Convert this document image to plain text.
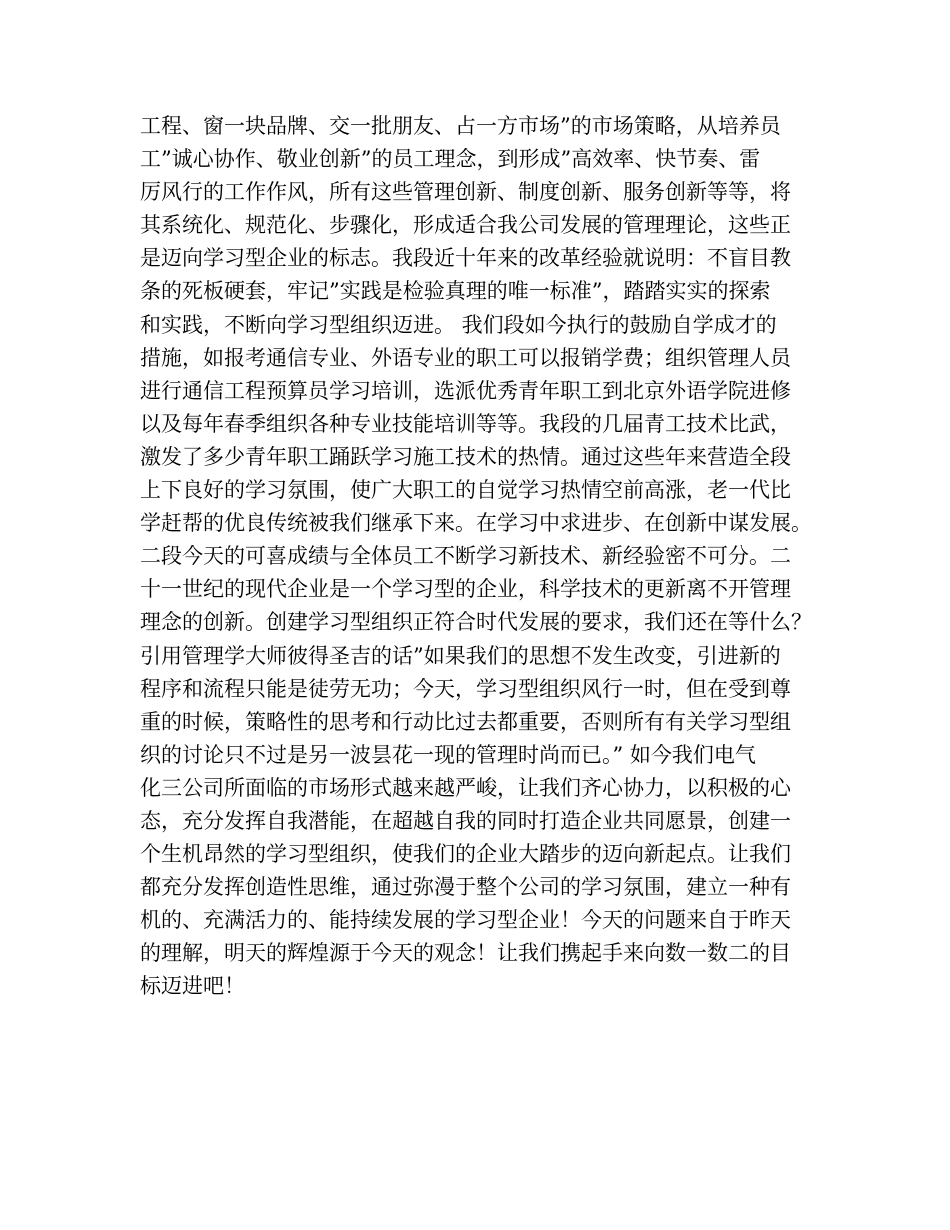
工程、窗一块品牌、交一批朋友、占一方市场”的市场策略，从培养员
工”诚心协作、敬业创新”的员工理念，到形成”高效率、快节奏、雷
厉风行的工作作风，所有这些管理创新、制度创新、服务创新等等，将
其系统化、规范化、步骤化，形成适合我公司发展的管理理论，这些正
是迈向学习型企业的标志。我段近十年来的改革经验就说明：不盲目教
条的死板硬套，牢记”实践是检验真理的唯一标准”，踏踏实实的探索
和实践，不断向学习型组织迈进。 我们段如今执行的鼓励自学成才的
措施，如报考通信专业、外语专业的职工可以报销学费；组织管理人员
进行通信工程预算员学习培训，选派优秀青年职工到北京外语学院进修
以及每年春季组织各种专业技能培训等等。我段的几届青工技术比武，
激发了多少青年职工踊跃学习施工技术的热情。通过这些年来营造全段
上下良好的学习氛围，使广大职工的自觉学习热情空前高涨，老一代比
学赶帮的优良传统被我们继承下来。在学习中求进步、在创新中谋发展。
二段今天的可喜成绩与全体员工不断学习新技术、新经验密不可分。二
十一世纪的现代企业是一个学习型的企业，科学技术的更新离不开管理
理念的创新。创建学习型组织正符合时代发展的要求，我们还在等什么？
引用管理学大师彼得圣吉的话”如果我们的思想不发生改变，引进新的
程序和流程只能是徒劳无功；今天，学习型组织风行一时，但在受到尊
重的时候，策略性的思考和行动比过去都重要，否则所有有关学习型组
织的讨论只不过是另一波昙花一现的管理时尚而已。” 如今我们电气
化三公司所面临的市场形式越来越严峻，让我们齐心协力，以积极的心
态，充分发挥自我潜能，在超越自我的同时打造企业共同愿景，创建一
个生机昂然的学习型组织，使我们的企业大踏步的迈向新起点。让我们
都充分发挥创造性思维，通过弥漫于整个公司的学习氛围，建立一种有
机的、充满活力的、能持续发展的学习型企业！今天的问题来自于昨天
的理解，明天的辉煌源于今天的观念！让我们携起手来向数一数二的目
标迈进吧！
